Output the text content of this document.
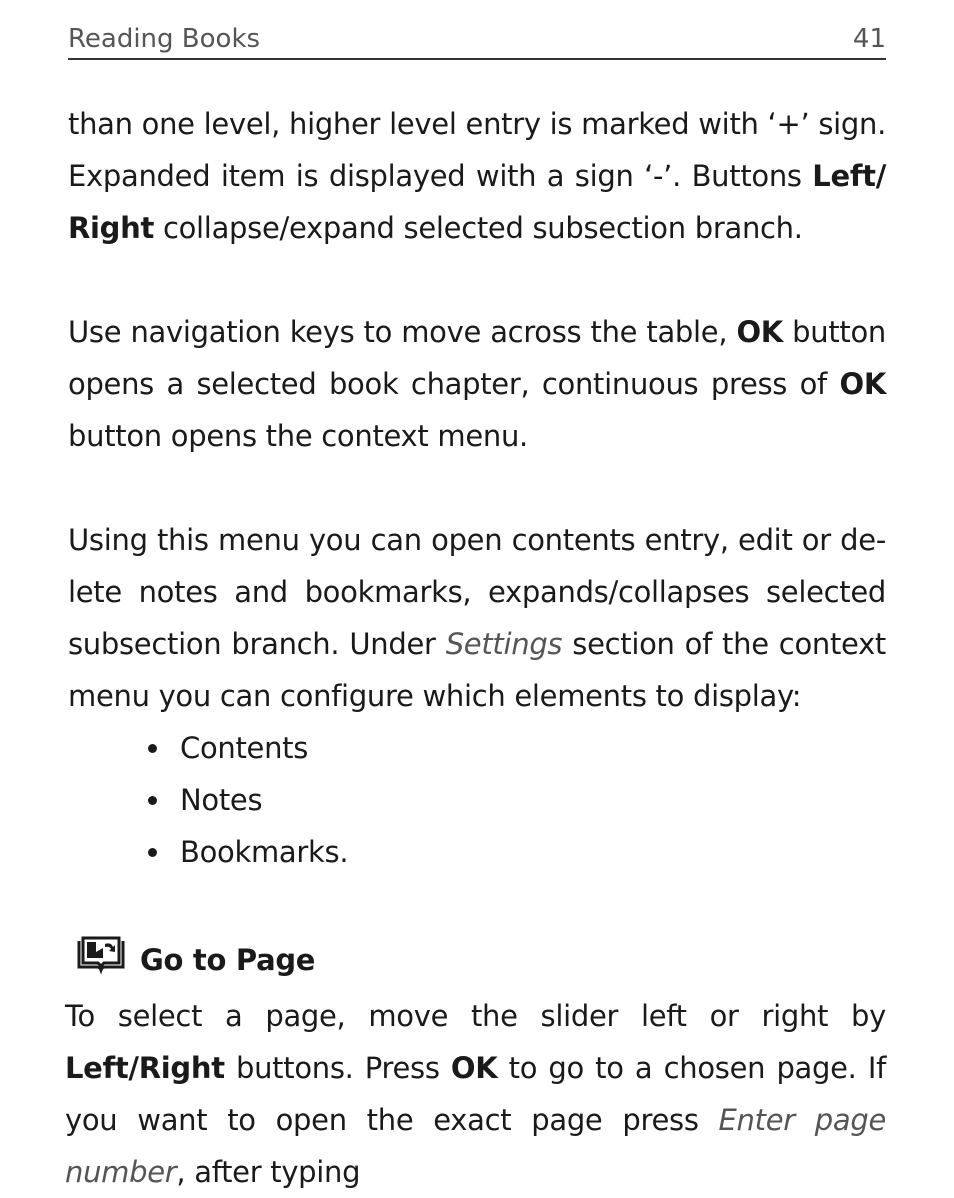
Reading Books	41

than one level, higher level entry is marked with ‘+’ sign. Expanded item is displayed with a sign ‘-’. Buttons Left/ Right collapse/expand selected subsection branch.

Use navigation keys to move across the table, OK button opens a selected book chapter, continuous press of OK button opens the context menu.

Using this menu you can open contents entry, edit or de-lete notes and bookmarks, expands/collapses selected subsection branch. Under Settings section of the context menu you can configure which elements to display:

Contents
Notes
Bookmarks.
Go to Page

To select a page, move the slider left or right by Left/Right buttons. Press OK to go to a chosen page. If you want to open the exact page press Enter page number, after typing
